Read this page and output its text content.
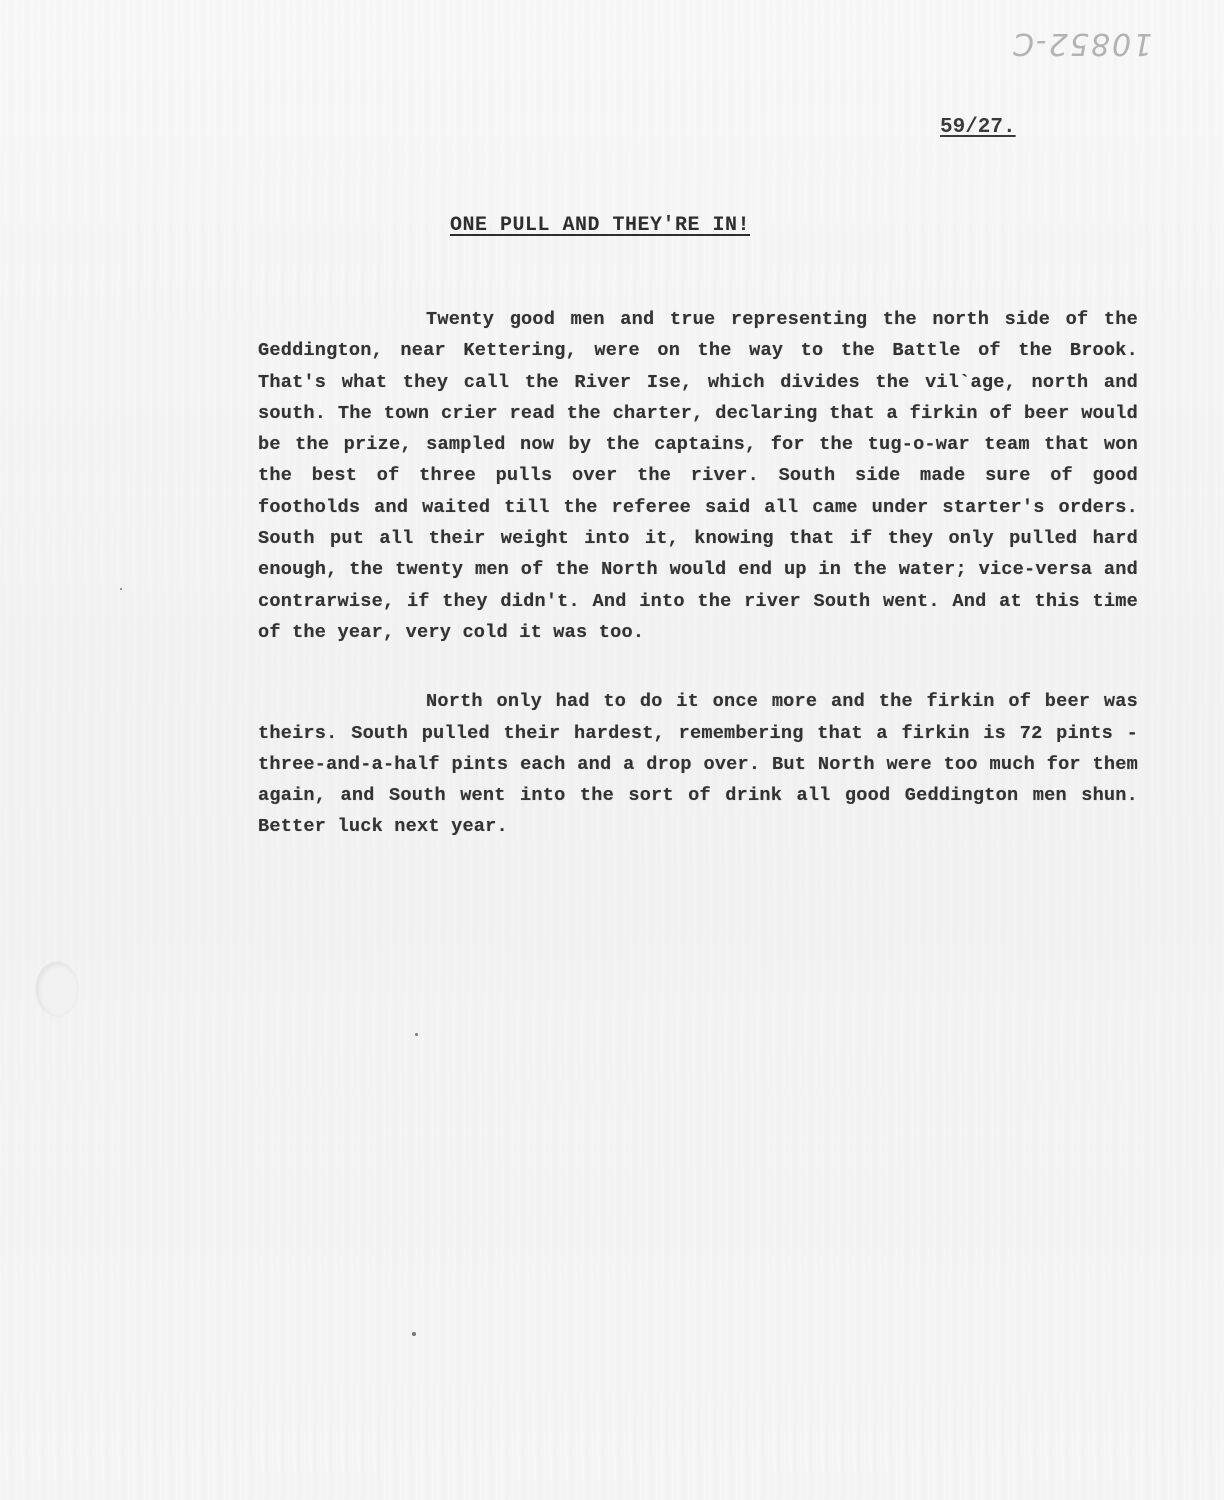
10852-C
59/27.
ONE PULL AND THEY'RE IN!

Twenty good men and true representing the north side of the Geddington, near Kettering, were on the way to the Battle of the Brook. That's what they call the River Ise, which divides the vil`age, north and south. The town crier read the charter, declaring that a firkin of beer would be the prize, sampled now by the captains, for the tug-o-war team that won the best of three pulls over the river. South side made sure of good footholds and waited till the referee said all came under starter's orders. South put all their weight into it, knowing that if they only pulled hard enough, the twenty men of the North would end up in the water; vice-versa and contrarwise, if they didn't. And into the river South went. And at this time of the year, very cold it was too.

North only had to do it once more and the firkin of beer was theirs. South pulled their hardest, remembering that a firkin is 72 pints - three-and-a-half pints each and a drop over. But North were too much for them again, and South went into the sort of drink all good Geddington men shun. Better luck next year.
